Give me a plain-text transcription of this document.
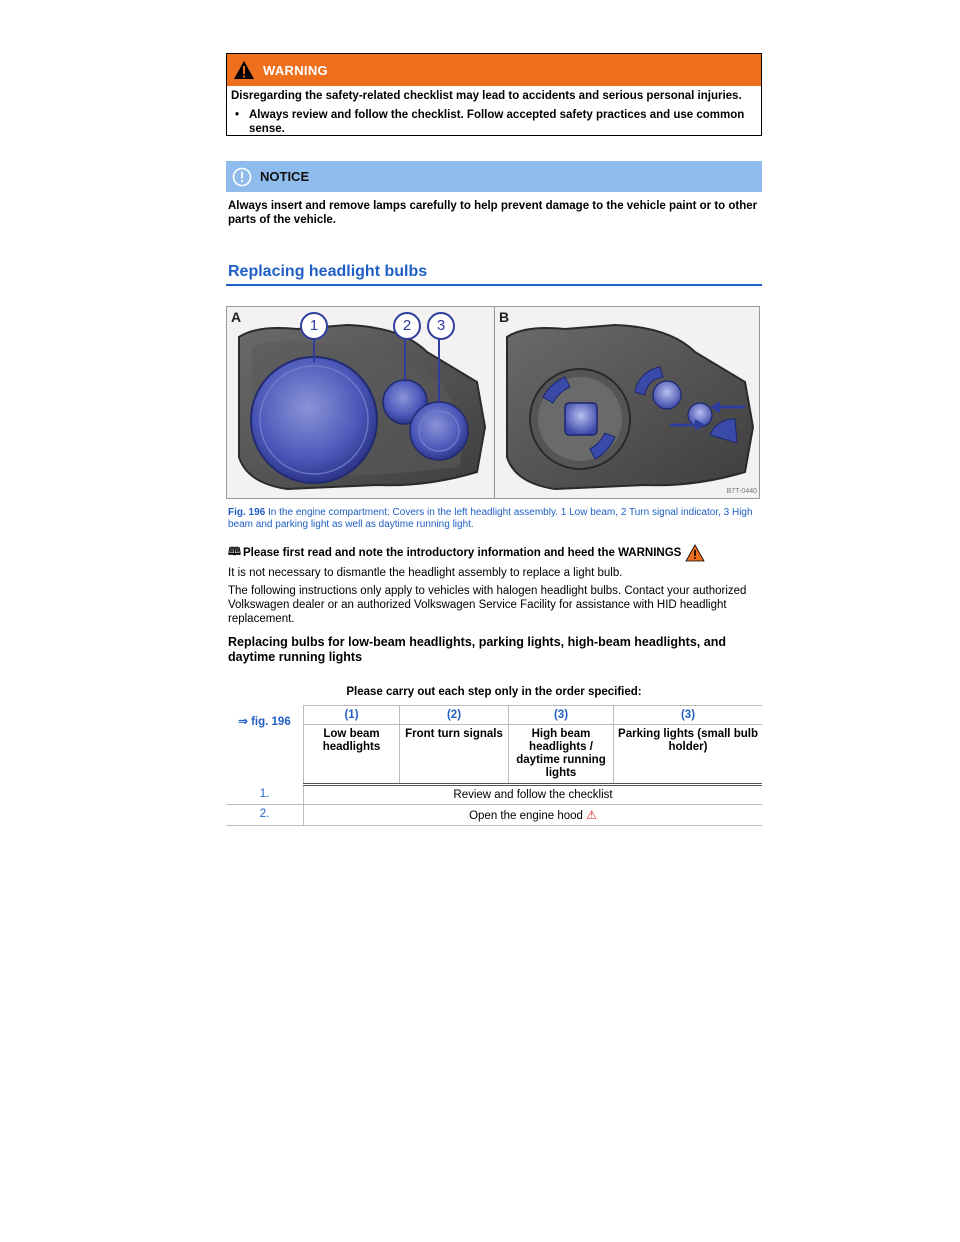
WARNING

Disregarding the safety-related checklist may lead to accidents and serious personal injuries.

• Always review and follow the checklist. Follow accepted safety practices and use common sense.
NOTICE
Always insert and remove lamps carefully to help prevent damage to the vehicle paint or to other parts of the vehicle.
Replacing headlight bulbs
A	1	2	3	B
B7T-0440
Fig. 196 In the engine compartment: Covers in the left headlight assembly. 1 Low beam, 2 Turn signal indicator, 3 High beam and parking light as well as daytime running light.
🕮 Please first read and note the introductory information and heed the WARNINGS
It is not necessary to dismantle the headlight assembly to replace a light bulb.
The following instructions only apply to vehicles with halogen headlight bulbs. Contact your authorized Volkswagen dealer or an authorized Volkswagen Service Facility for assistance with HID headlight replacement.
Replacing bulbs for low-beam headlights, parking lights, high-beam headlights, and daytime running lights
Please carry out each step only in the order specified:
⇒ fig. 196	(1)	(2)	(3)	(3)
	Low beam headlights	Front turn signals	High beam headlights / daytime running lights	Parking lights (small bulb holder)
1.	Review and follow the checklist			
2.	Open the engine hood ⚠			
